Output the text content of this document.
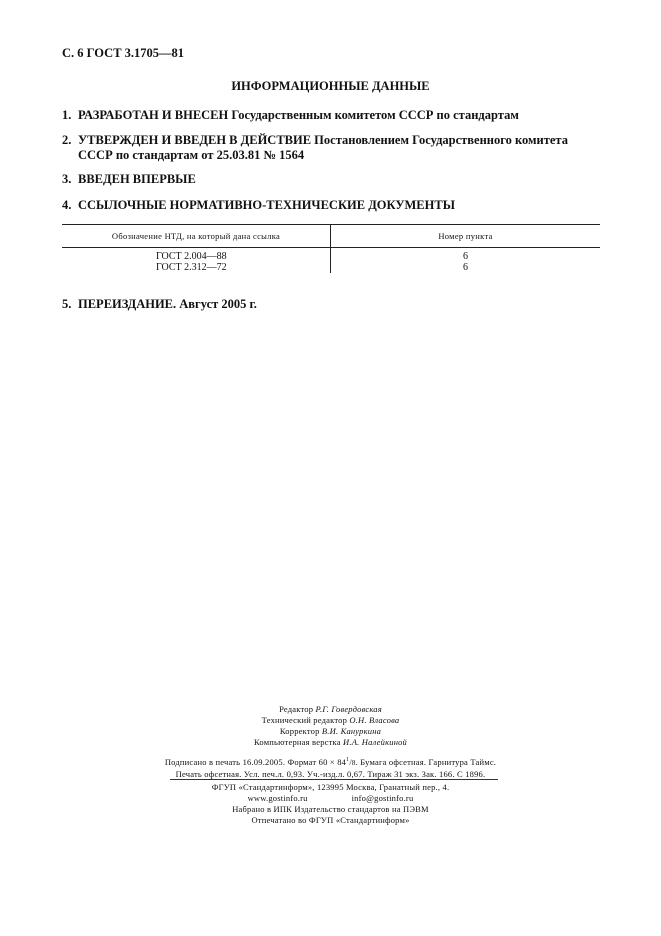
С. 6 ГОСТ 3.1705—81
ИНФОРМАЦИОННЫЕ ДАННЫЕ
1. РАЗРАБОТАН И ВНЕСЕН Государственным комитетом СССР по стандартам
2. УТВЕРЖДЕН И ВВЕДЕН В ДЕЙСТВИЕ Постановлением Государственного комитета СССР по стандартам от 25.03.81 № 1564
3. ВВЕДЕН ВПЕРВЫЕ
4. ССЫЛОЧНЫЕ НОРМАТИВНО-ТЕХНИЧЕСКИЕ ДОКУМЕНТЫ
Обозначение НТД, на который дана ссылка	Номер пункта
ГОСТ 2.004—88	6
ГОСТ 2.312—72	6
5. ПЕРЕИЗДАНИЕ. Август 2005 г.
Редактор Р.Г. Говердовская
Технический редактор О.Н. Власова
Корректор В.И. Кануркина
Компьютерная верстка И.А. Налейкиной
Подписано в печать 16.09.2005. Формат $60 \times 84^1/8$. Бумага офсетная. Гарнитура Таймс.
Печать офсетная. Усл. печ.л. 0,93. Уч.-изд.л. 0,67. Тираж 31 экз. Зак. 166. С 1896.
ФГУП «Стандартинформ», 123995 Москва, Гранатный пер., 4.
www.gostinfo.ru	info@gostinfo.ru
Набрано в ИПК Издательство стандартов на ПЭВМ
Отпечатано во ФГУП «Стандартинформ»
